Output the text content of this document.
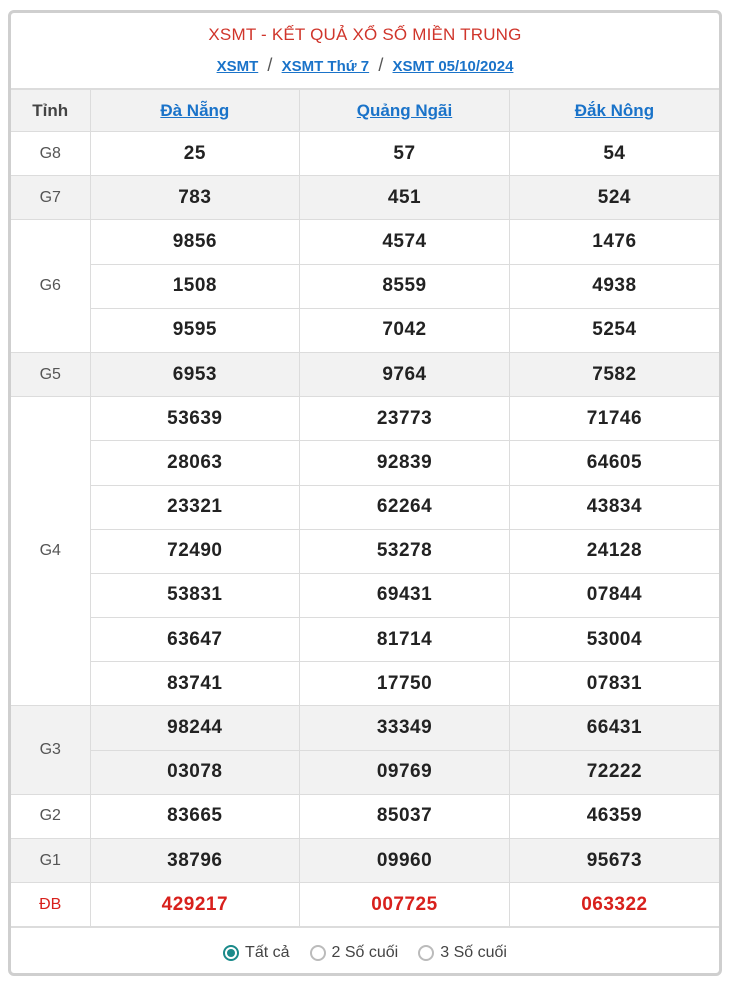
XSMT - KẾT QUẢ XỔ SỐ MIỀN TRUNG
XSMT / XSMT Thứ 7 / XSMT 05/10/2024
Tỉnh	Đà Nẵng	Quảng Ngãi	Đắk Nông
G8	25	57	54
G7	783	451	524
G6	9856	4574	1476
	1508	8559	4938
	9595	7042	5254
G5	6953	9764	7582
G4	53639	23773	71746
	28063	92839	64605
	23321	62264	43834
	72490	53278	24128
	53831	69431	07844
	63647	81714	53004
	83741	17750	07831
G3	98244	33349	66431
	03078	09769	72222
G2	83665	85037	46359
G1	38796	09960	95673
ĐB	429217	007725	063322
Tất cả	2 Số cuối	3 Số cuối
